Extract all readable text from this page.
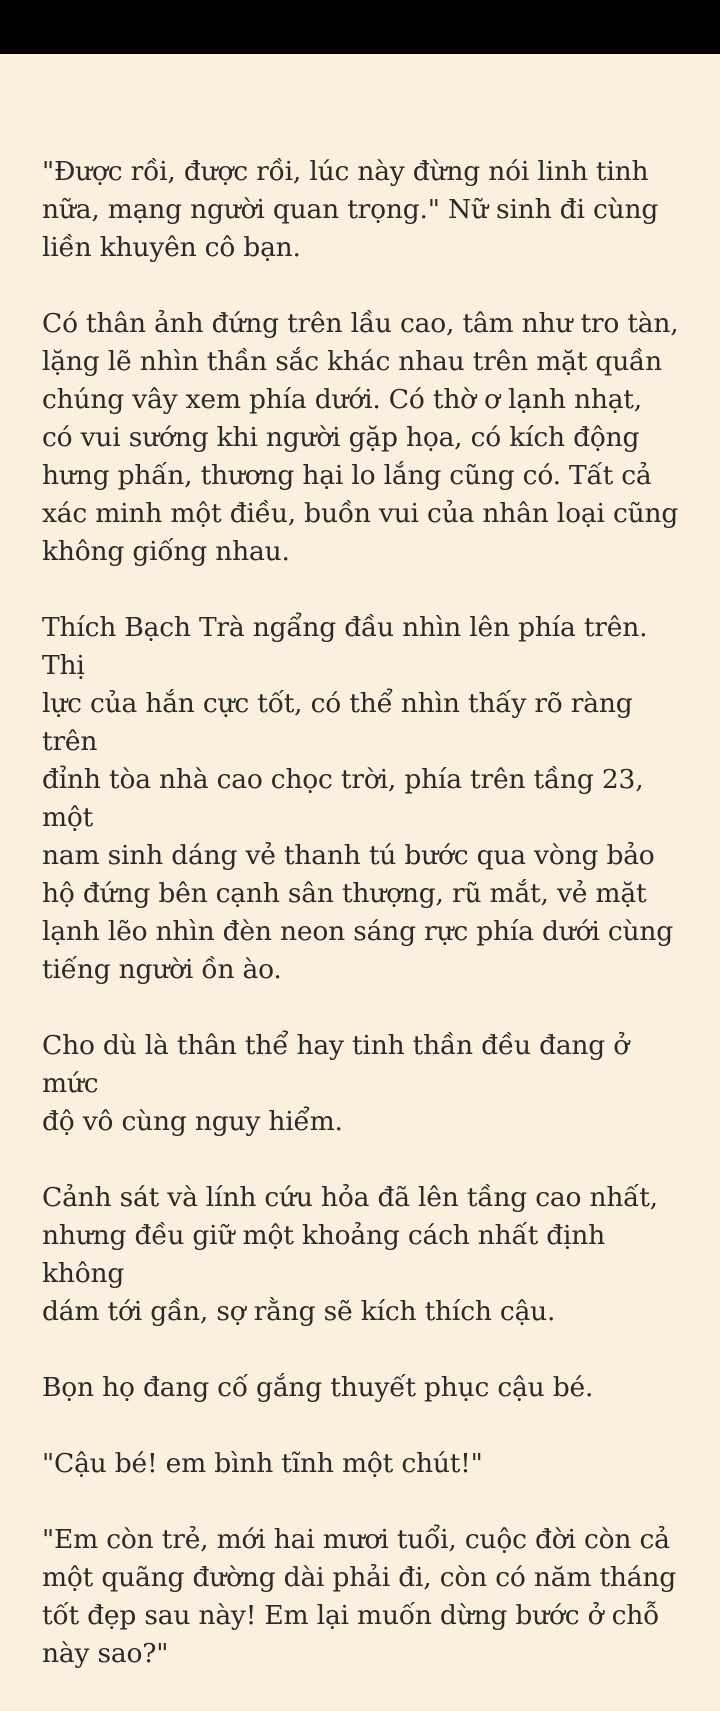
"Được rồi, được rồi, lúc này đừng nói linh tinh
nữa, mạng người quan trọng." Nữ sinh đi cùng
liền khuyên cô bạn.

Có thân ảnh đứng trên lầu cao, tâm như tro tàn,
lặng lẽ nhìn thần sắc khác nhau trên mặt quần
chúng vây xem phía dưới. Có thờ ơ lạnh nhạt,
có vui sướng khi người gặp họa, có kích động
hưng phấn, thương hại lo lắng cũng có. Tất cả
xác minh một điều, buồn vui của nhân loại cũng
không giống nhau.

Thích Bạch Trà ngẩng đầu nhìn lên phía trên. Thị
lực của hắn cực tốt, có thể nhìn thấy rõ ràng trên
đỉnh tòa nhà cao chọc trời, phía trên tầng 23, một
nam sinh dáng vẻ thanh tú bước qua vòng bảo
hộ đứng bên cạnh sân thượng, rũ mắt, vẻ mặt
lạnh lẽo nhìn đèn neon sáng rực phía dưới cùng
tiếng người ồn ào.

Cho dù là thân thể hay tinh thần đều đang ở mức
độ vô cùng nguy hiểm.

Cảnh sát và lính cứu hỏa đã lên tầng cao nhất,
nhưng đều giữ một khoảng cách nhất định không
dám tới gần, sợ rằng sẽ kích thích cậu.

Bọn họ đang cố gắng thuyết phục cậu bé.

"Cậu bé! em bình tĩnh một chút!"

"Em còn trẻ, mới hai mươi tuổi, cuộc đời còn cả
một quãng đường dài phải đi, còn có năm tháng
tốt đẹp sau này! Em lại muốn dừng bước ở chỗ
này sao?"
